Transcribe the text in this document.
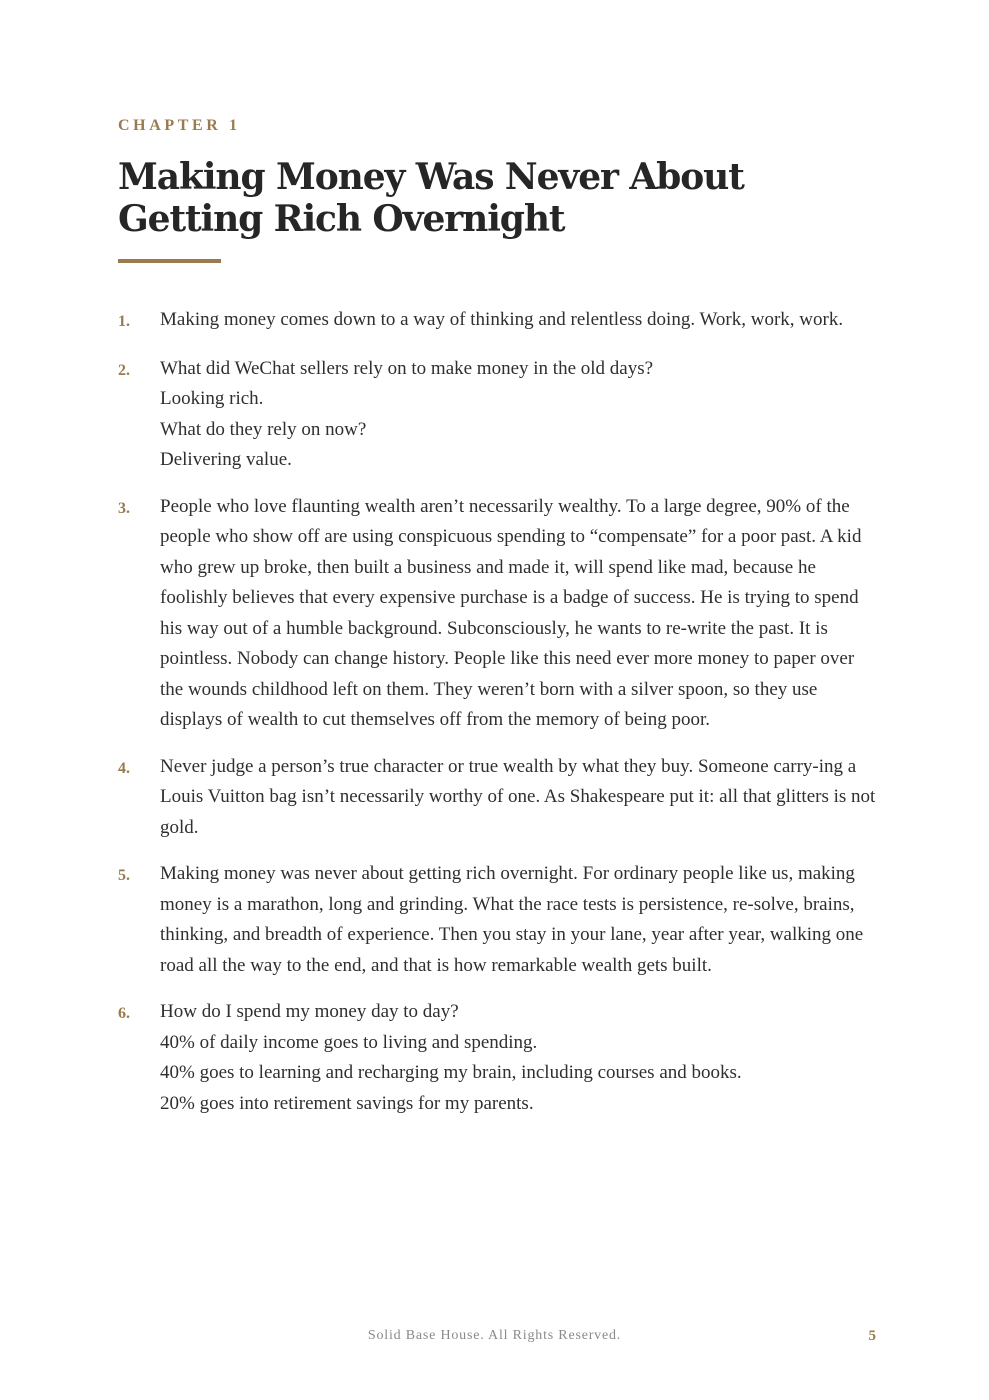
CHAPTER 1
Making Money Was Never About Getting Rich Overnight
1.	Making money comes down to a way of thinking and relentless doing. Work, work, work.
2.	What did WeChat sellers rely on to make money in the old days?
Looking rich.
What do they rely on now?
Delivering value.
3.	People who love flaunting wealth aren’t necessarily wealthy. To a large degree, 90% of the people who show off are using conspicuous spending to “compensate” for a poor past. A kid who grew up broke, then built a business and made it, will spend like mad, because he foolishly believes that every expensive purchase is a badge of success. He is trying to spend his way out of a humble background. Subconsciously, he wants to re-write the past. It is pointless. Nobody can change history. People like this need ever more money to paper over the wounds childhood left on them. They weren’t born with a silver spoon, so they use displays of wealth to cut themselves off from the memory of being poor.
4.	Never judge a person’s true character or true wealth by what they buy. Someone carry-ing a Louis Vuitton bag isn’t necessarily worthy of one. As Shakespeare put it: all that glitters is not gold.
5.	Making money was never about getting rich overnight. For ordinary people like us, making money is a marathon, long and grinding. What the race tests is persistence, re-solve, brains, thinking, and breadth of experience. Then you stay in your lane, year after year, walking one road all the way to the end, and that is how remarkable wealth gets built.
6.	How do I spend my money day to day?
40% of daily income goes to living and spending.
40% goes to learning and recharging my brain, including courses and books.
20% goes into retirement savings for my parents.
Solid Base House. All Rights Reserved.	5
